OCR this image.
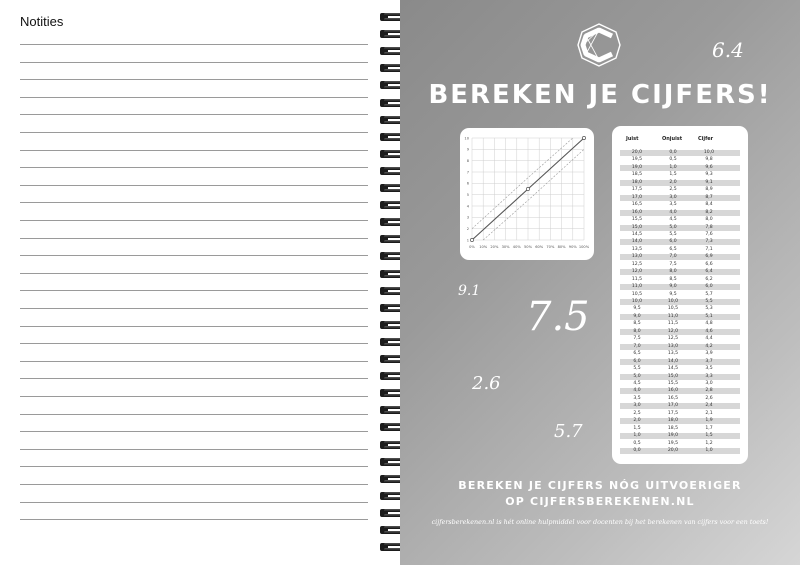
Notities
BEREKEN JE CIJFERS!
6.4
9.1
7.5
2.6
5.7
0% 10% 20% 30% 40% 50% 60% 70% 80% 90% 100%
1
2
3
4
5
6
7
8
9
10	Juist	Onjuist	Cijfer
20,0	0,0	10,0
19,5	0,5	9,8
19,0	1,0	9,6
18,5	1,5	9,3
18,0	2,0	9,1
17,5	2,5	8,9
17,0	3,0	8,7
16,5	3,5	8,4
16,0	4,0	8,2
15,5	4,5	8,0
15,0	5,0	7,8
14,5	5,5	7,6
14,0	6,0	7,3
13,5	6,5	7,1
13,0	7,0	6,9
12,5	7,5	6,6
12,0	8,0	6,4
11,5	8,5	6,2
11,0	9,0	6,0
10,5	9,5	5,7
10,0	10,0	5,5
9,5	10,5	5,3
9,0	11,0	5,1
8,5	11,5	4,8
8,0	12,0	4,6
7,5	12,5	4,4
7,0	13,0	4,2
6,5	13,5	3,9
6,0	14,0	3,7
5,5	14,5	3,5
5,0	15,0	3,3
4,5	15,5	3,0
4,0	16,0	2,8
3,5	16,5	2,6
3,0	17,0	2,4
2,5	17,5	2,1
2,0	18,0	1,9
1,5	18,5	1,7
1,0	19,0	1,5
0,5	19,5	1,2
0,0	20,0	1,0
BEREKEN JE CIJFERS NÓG UITVOERIGER
OP CIJFERSBEREKENEN.NL
cijfersberekenen.nl is hét online hulpmiddel voor docenten bij het berekenen van cijfers voor een toets!
